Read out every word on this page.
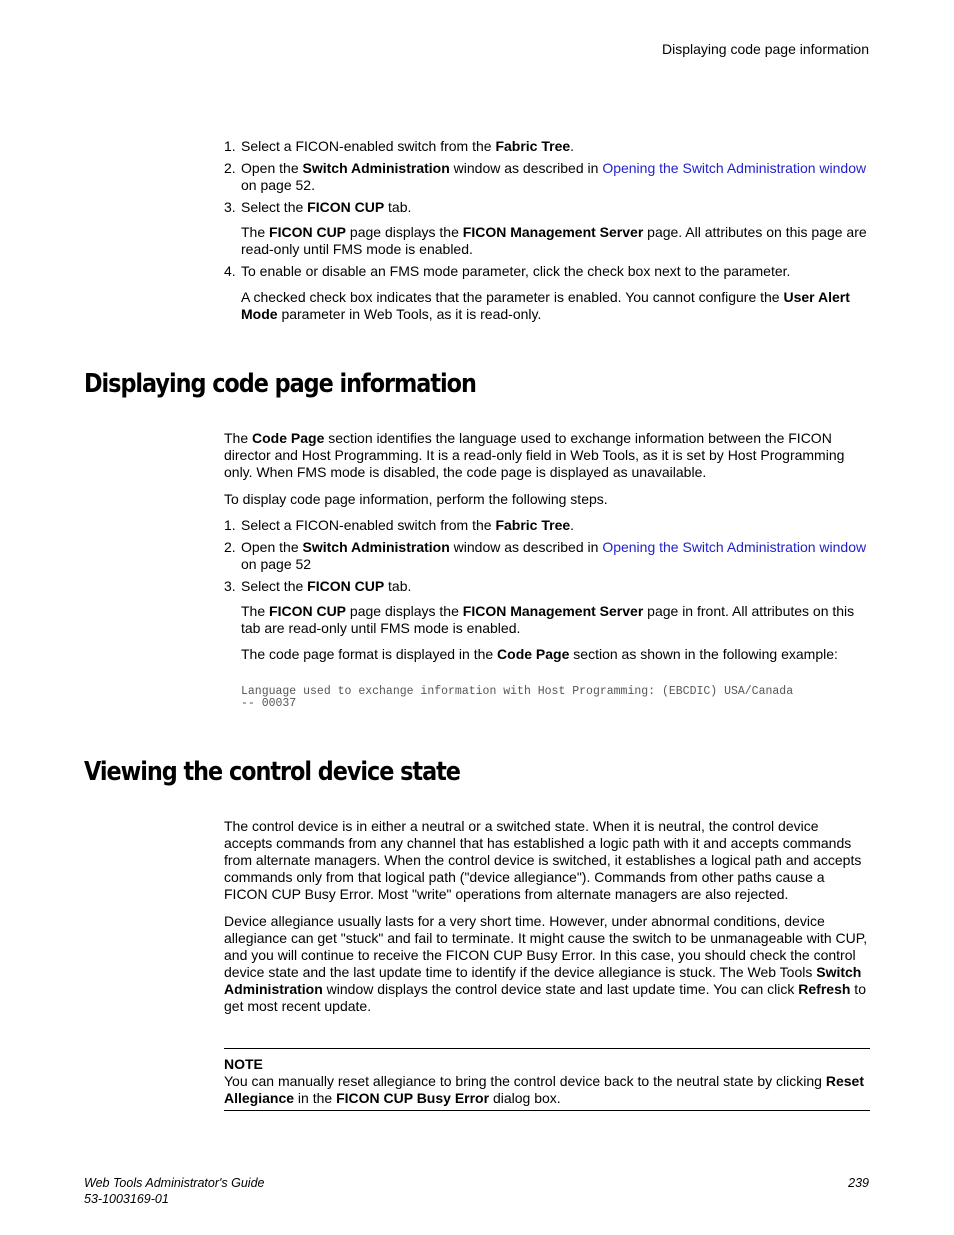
Displaying code page information
1. Select a FICON-enabled switch from the Fabric Tree.
2. Open the Switch Administration window as described in Opening the Switch Administration window
on page 52.
3. Select the FICON CUP tab.
The FICON CUP page displays the FICON Management Server page. All attributes on this page are read-only until FMS mode is enabled.
4. To enable or disable an FMS mode parameter, click the check box next to the parameter.
A checked check box indicates that the parameter is enabled. You cannot configure the User Alert Mode parameter in Web Tools, as it is read-only.
Displaying code page information
The Code Page section identifies the language used to exchange information between the FICON director and Host Programming. It is a read-only field in Web Tools, as it is set by Host Programming only. When FMS mode is disabled, the code page is displayed as unavailable.
To display code page information, perform the following steps.
1. Select a FICON-enabled switch from the Fabric Tree.
2. Open the Switch Administration window as described in Opening the Switch Administration window
on page 52
3. Select the FICON CUP tab.
The FICON CUP page displays the FICON Management Server page in front. All attributes on this tab are read-only until FMS mode is enabled.
The code page format is displayed in the Code Page section as shown in the following example:
Language used to exchange information with Host Programming: (EBCDIC) USA/Canada
-- 00037
Viewing the control device state
The control device is in either a neutral or a switched state. When it is neutral, the control device accepts commands from any channel that has established a logic path with it and accepts commands from alternate managers. When the control device is switched, it establishes a logical path and accepts commands only from that logical path ("device allegiance"). Commands from other paths cause a FICON CUP Busy Error. Most "write" operations from alternate managers are also rejected.
Device allegiance usually lasts for a very short time. However, under abnormal conditions, device allegiance can get "stuck" and fail to terminate. It might cause the switch to be unmanageable with CUP, and you will continue to receive the FICON CUP Busy Error. In this case, you should check the control device state and the last update time to identify if the device allegiance is stuck. The Web Tools Switch Administration window displays the control device state and last update time. You can click Refresh to get most recent update.
NOTE
You can manually reset allegiance to bring the control device back to the neutral state by clicking Reset Allegiance in the FICON CUP Busy Error dialog box.
Web Tools Administrator's Guide
53-1003169-01
239
